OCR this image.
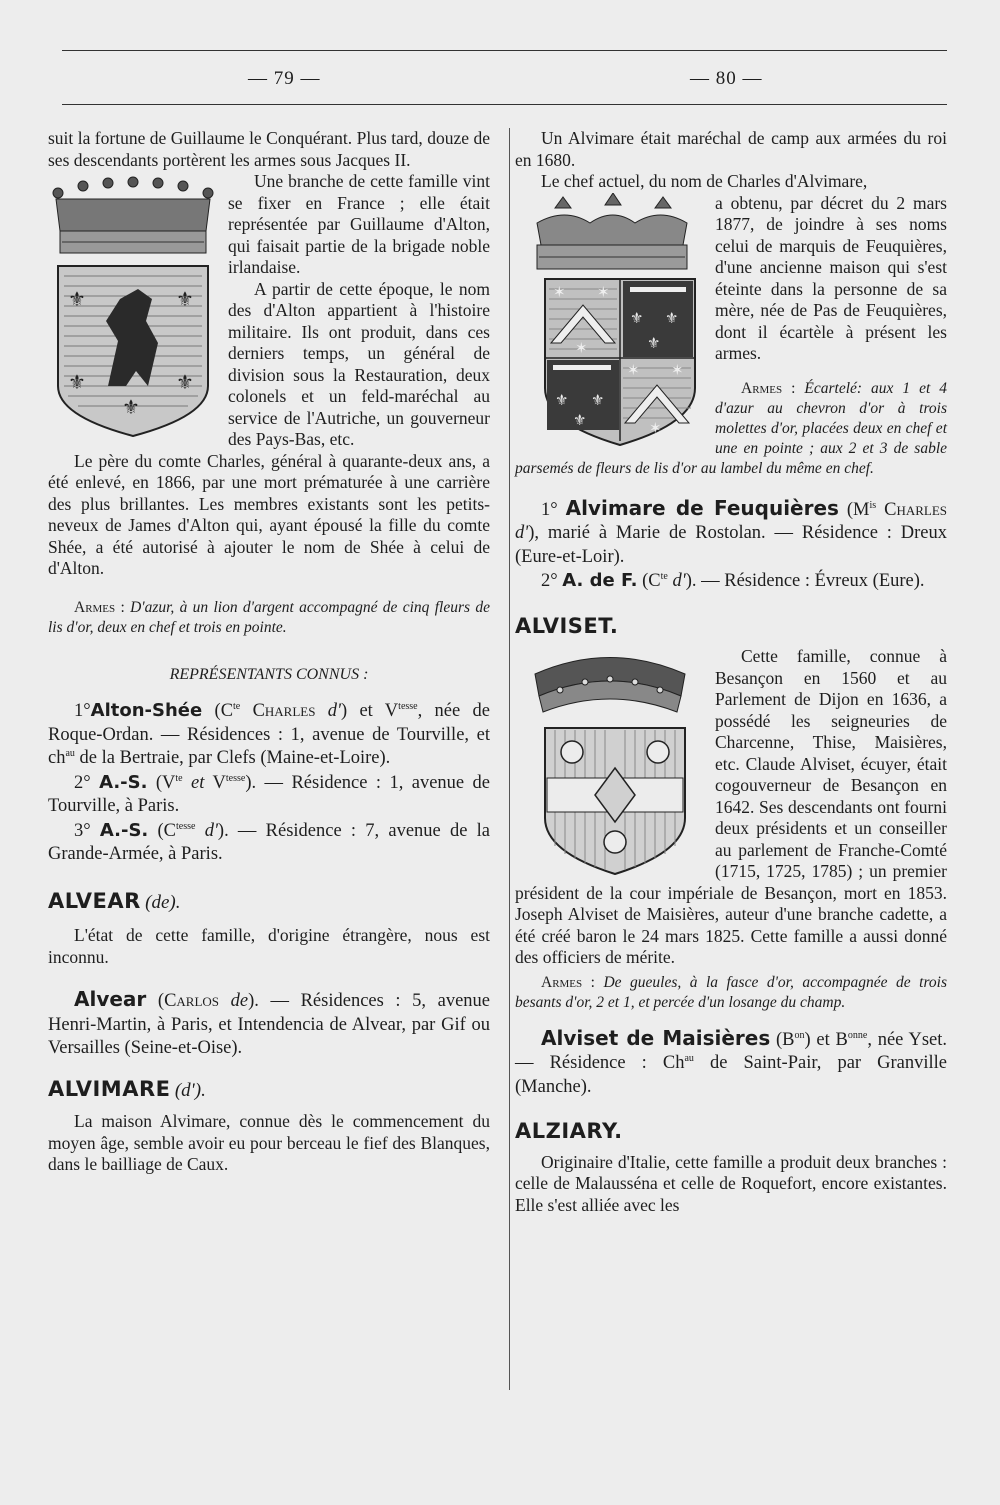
— 79 —	— 80 —

suit la fortune de Guillaume le Conquérant. Plus tard, douze de ses descendants portèrent les armes sous Jacques II.

⚜	⚜
⚜
⚜
⚜

Une branche de cette famille vint se fixer en France ; elle était représentée par Guillaume d'Alton, qui faisait partie de la brigade noble irlandaise.

A partir de cette époque, le nom des d'Alton appartient à l'histoire militaire. Ils ont produit, dans ces derniers temps, un général de division sous la Restauration, deux colonels et un feld-maréchal au service de l'Autriche, un gouverneur des Pays-Bas, etc.

Le père du comte Charles, général à quarante-deux ans, a été enlevé, en 1866, par une mort prématurée à une carrière des plus brillantes. Les membres existants sont les petits-neveux de James d'Alton qui, ayant épousé la fille du comte Shée, a été autorisé à ajouter le nom de Shée à celui de d'Alton.

Armes : D'azur, à un lion d'argent accompagné de cinq fleurs de lis d'or, deux en chef et trois en pointe.

REPRÉSENTANTS CONNUS :

1°Alton-Shée ($C^{te}$ Charles d') et $V^{tesse}$, née de Roque-Ordan. — Résidences : 1, avenue de Tourville, et $ch^{au}$ de la Bertraie, par Clefs (Maine-et-Loire).

2° A.-S. ($V^{te}$ et $V^{tesse}$). — Résidence : 1, avenue de Tourville, à Paris.

3° A.-S. ($C^{tesse}$ d'). — Résidence : 7, avenue de la Grande-Armée, à Paris.

ALVEAR (de).

L'état de cette famille, d'origine étrangère, nous est inconnu.

Alvear (Carlos de). — Résidences : 5, avenue Henri-Martin, à Paris, et Intendencia de Alvear, par Gif ou Versailles (Seine-et-Oise).

ALVIMARE (d').

La maison Alvimare, connue dès le commencement du moyen âge, semble avoir eu pour berceau le fief des Blanques, dans le bailliage de Caux.

Un Alvimare était maréchal de camp aux armées du roi en 1680.

Le chef actuel, du nom de Charles d'Alvimare,

✶ ✶
✶
✶ ✶
✶
⚜ ⚜
⚜
⚜ ⚜
⚜

a obtenu, par décret du 2 mars 1877, de joindre à ses noms celui de marquis de Feuquières, d'une ancienne maison qui s'est éteinte dans la personne de sa mère, née de Pas de Feuquières, dont il écartèle à présent les armes.

Armes : Écartelé: aux 1 et 4 d'azur au chevron d'or à trois molettes d'or, placées deux en chef et une en pointe ; aux 2 et 3 de sable parsemés de fleurs de lis d'or au lambel du même en chef.

1° Alvimare de Feuquières ($M^{is}$ Charles d'), marié à Marie de Rostolan. — Résidence : Dreux (Eure-et-Loir).

2° A. de F. ($C^{te}$ d'). — Résidence : Évreux (Eure).

ALVISET.

Cette famille, connue à Besançon en 1560 et au Parlement de Dijon en 1636, a possédé les seigneuries de Charcenne, Thise, Maisières, etc. Claude Alviset, écuyer, était cogouverneur de Besançon en 1642. Ses descendants ont fourni deux présidents et un conseiller au parlement de Franche-Comté (1715, 1725, 1785) ; un premier président de la cour impériale de Besançon, mort en 1853. Joseph Alviset de Maisières, auteur d'une branche cadette, a été créé baron le 24 mars 1825. Cette famille a aussi donné des officiers de mérite.

Armes : De gueules, à la fasce d'or, accompagnée de trois besants d'or, 2 et 1, et percée d'un losange du champ.

Alviset de Maisières $(B^{on})$ et $B^{onne}$, née Yset. — Résidence : $Ch^{au}$ de Saint-Pair, par Granville (Manche).

ALZIARY.

Originaire d'Italie, cette famille a produit deux branches : celle de Malausséna et celle de Roquefort, encore existantes. Elle s'est alliée avec les
